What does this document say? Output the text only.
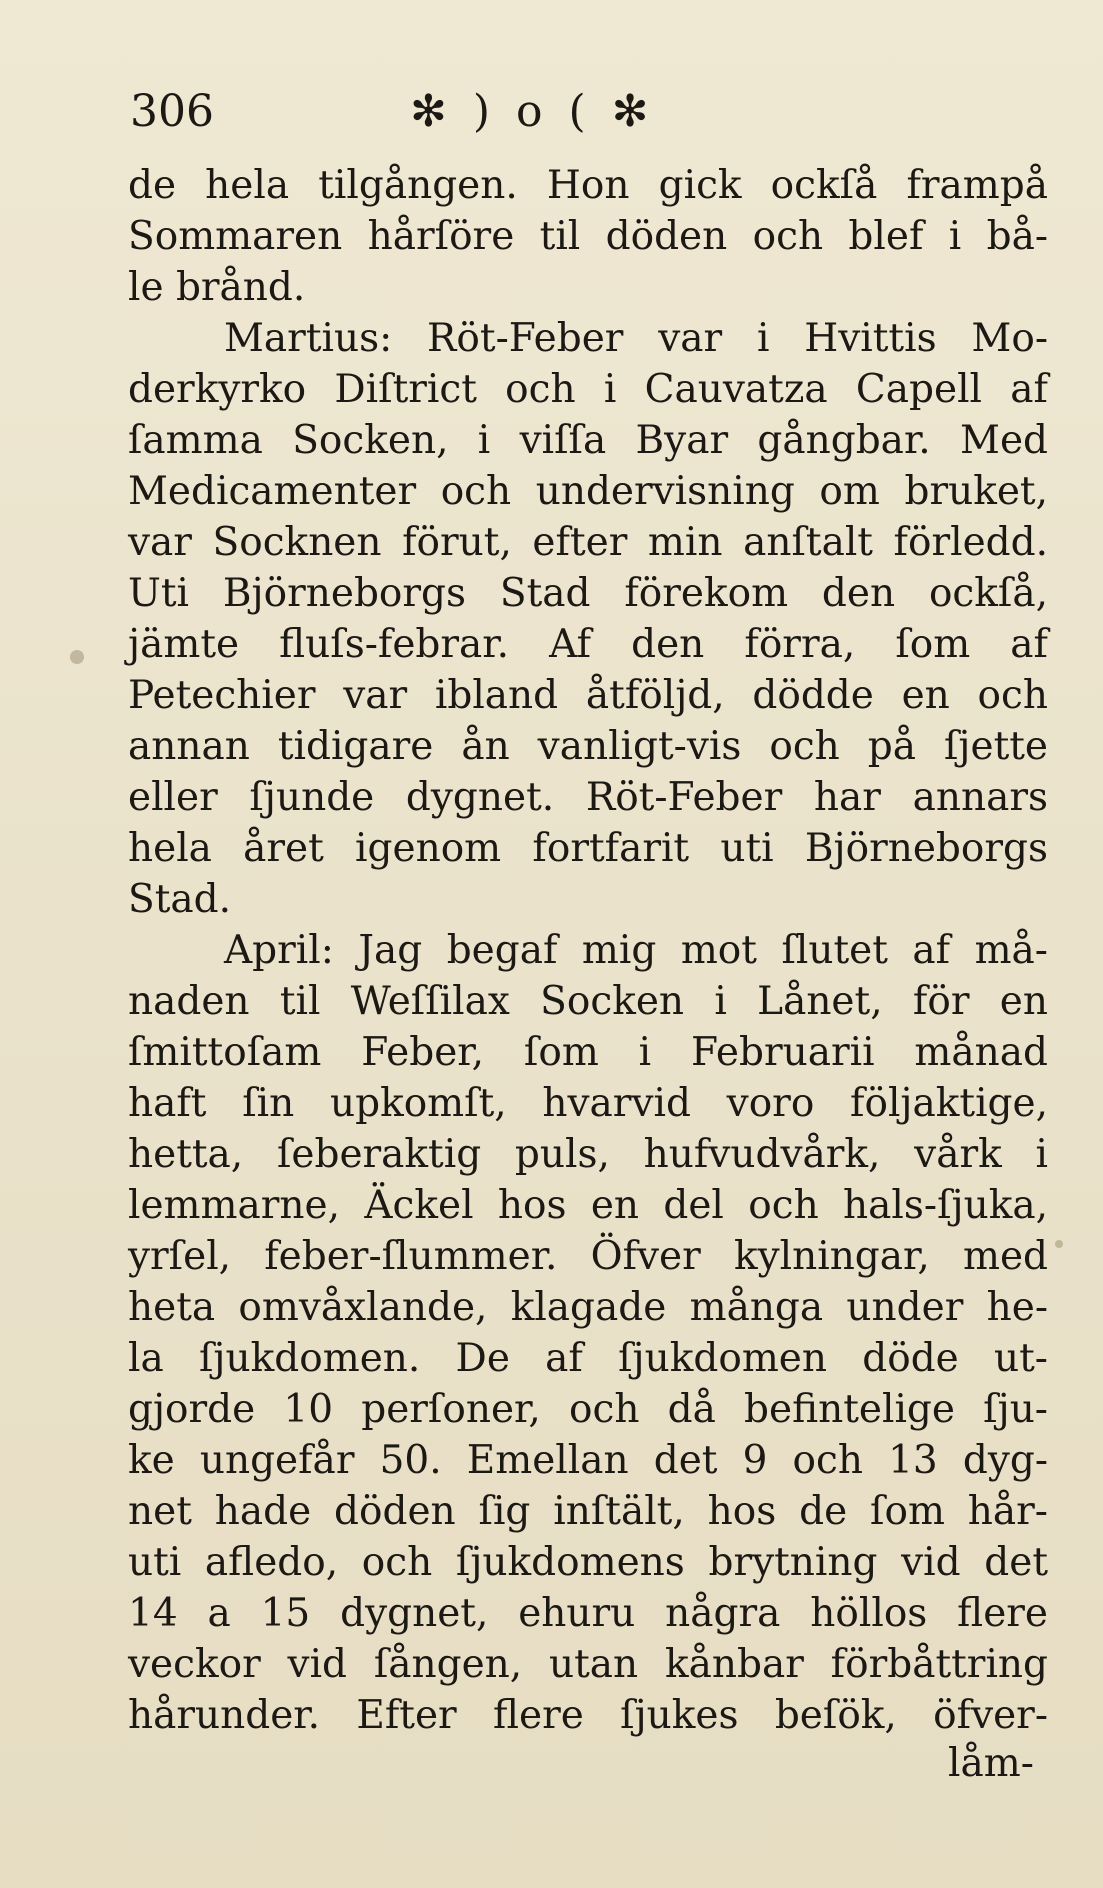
306	✻ ) o ( ✻
de hela tilgången. Hon gick ockſå frampå
Sommaren hårſöre til döden och blef i bå-
le brånd.
Martius: Röt-Feber var i Hvittis Mo-
derkyrko Diſtrict och i Cauvatza Capell af
ſamma Socken, i viſſa Byar gångbar. Med
Medicamenter och undervisning om bruket,
var Socknen förut, efter min anſtalt förledd.
Uti Björneborgs Stad förekom den ockſå,
jämte fluſs-febrar. Af den förra, ſom af
Petechier var ibland åtföljd, dödde en och
annan tidigare ån vanligt-vis och på ſjette
eller ſjunde dygnet. Röt-Feber har annars
hela året igenom fortfarit uti Björneborgs
Stad.
April: Jag begaf mig mot ſlutet af må-
naden til Weſſilax Socken i Lånet, för en
ſmittoſam Feber, ſom i Februarii månad
haft ſin upkomſt, hvarvid voro följaktige,
hetta, ſeberaktig puls, hufvudvårk, vårk i
lemmarne, Äckel hos en del och hals-ſjuka,
yrſel, feber-ſlummer. Öfver kylningar, med
heta omvåxlande, klagade många under he-
la ſjukdomen. De af ſjukdomen döde ut-
gjorde 10 perſoner, och då befintelige ſju-
ke ungefår 50. Emellan det 9 och 13 dyg-
net hade döden ſig inſtält, hos de ſom hår-
uti afledo, och ſjukdomens brytning vid det
14 a 15 dygnet, ehuru några höllos flere
veckor vid ſången, utan kånbar förbåttring
hårunder. Efter flere ſjukes beſök, öfver-
låm-
